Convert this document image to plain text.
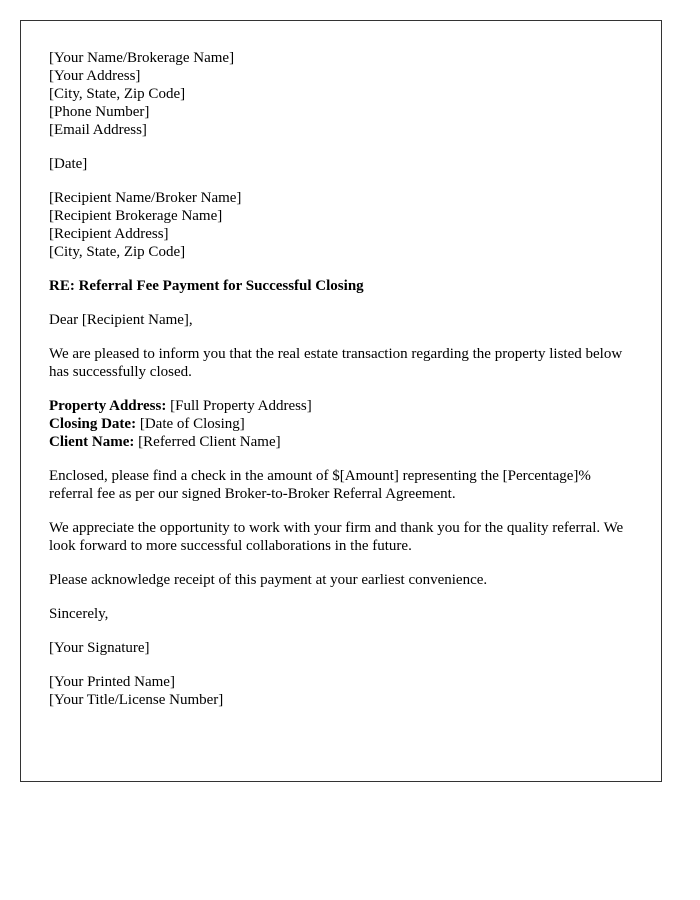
[Your Name/Brokerage Name]
[Your Address]
[City, State, Zip Code]
[Phone Number]
[Email Address]
[Date]
[Recipient Name/Broker Name]
[Recipient Brokerage Name]
[Recipient Address]
[City, State, Zip Code]
RE: Referral Fee Payment for Successful Closing
Dear [Recipient Name],
We are pleased to inform you that the real estate transaction regarding the property listed below has successfully closed.
Property Address: [Full Property Address]
Closing Date: [Date of Closing]
Client Name: [Referred Client Name]
Enclosed, please find a check in the amount of $[Amount] representing the [Percentage]% referral fee as per our signed Broker-to-Broker Referral Agreement.
We appreciate the opportunity to work with your firm and thank you for the quality referral. We look forward to more successful collaborations in the future.
Please acknowledge receipt of this payment at your earliest convenience.
Sincerely,
[Your Signature]
[Your Printed Name]
[Your Title/License Number]
